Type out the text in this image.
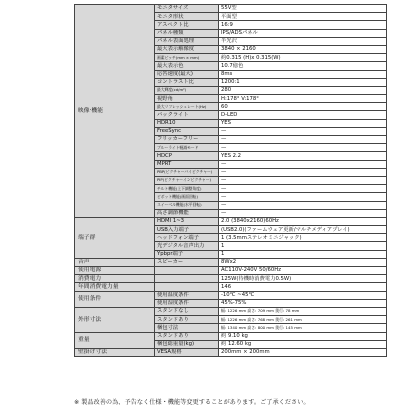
映像·機能	モニタサイズ	55V型
	モニタ形状	平面型
	アスペクト比	16:9
	パネル種類	IPS/ADSパネル
	パネル表面処理	半光沢
	最大表示解像度	3840 × 2160
	画素ピッチ(mm × mm)	約0.315 (H)x 0.315(W)
	最大表示色	10.7億色
	応答速度(最大)	8ms
	コントラスト比	1200:1
	最大輝度(cd/m²)	280
	視野角	H:178° V:178°
	最大リフレッシュレート(Hz)	60
	バックライト	D-LED
	HDR10	YES
	FreeSync	—
	フリッカーフリー	—
	ブルーライト軽減モード	—
	HDCP	YES 2.2
	MPRT	—
	PBP(ピクチャーバイピクチャー)	—
	PIP(ピクチャーインピクチャー)	—
	チルト機能(上下調整角度)	—
	ピボット機能(画面回転)	—
	スイーベル機能(水平回転)	—
	高さ調節機能	—
端子群	HDMI 1~3	2.0 (3840x2160)60Hz
	USB入力端子	(USB2.0)(ファームウェア更新/マルチメディアプレイ)
	ヘッドフォン端子	1 (3.5mmステレオミニジャック)
	光デジタル音声出力	1
	Ypbpr端子	1
音声	スピーカー	8Wx2
使用電源		AC110V-240V 50/60Hz
消費電力		125W(待機時消費電力0.5W)
年間消費電力量		146
使用条件	使用温度条件	-10℃ ~45℃
	使用湿度条件	45%-75%
外形寸法	スタンドなし	幅: 1226 mm 高さ: 709 mm 奥行: 78 mm
	スタンドあり	幅: 1226 mm 高さ: 768 mm 奥行: 261 mm
	梱包寸法	幅: 1340 mm 高さ: 800 mm 奥行: 145 mm
重量	スタンドあり	約 9.10 kg
	梱包総重量(kg)	約 12.60 kg
壁掛け寸法	VESA規格	200mm × 200mm
※ 製品改善の為、予告なく仕様・機能等変更することがあります。ご了承ください。
